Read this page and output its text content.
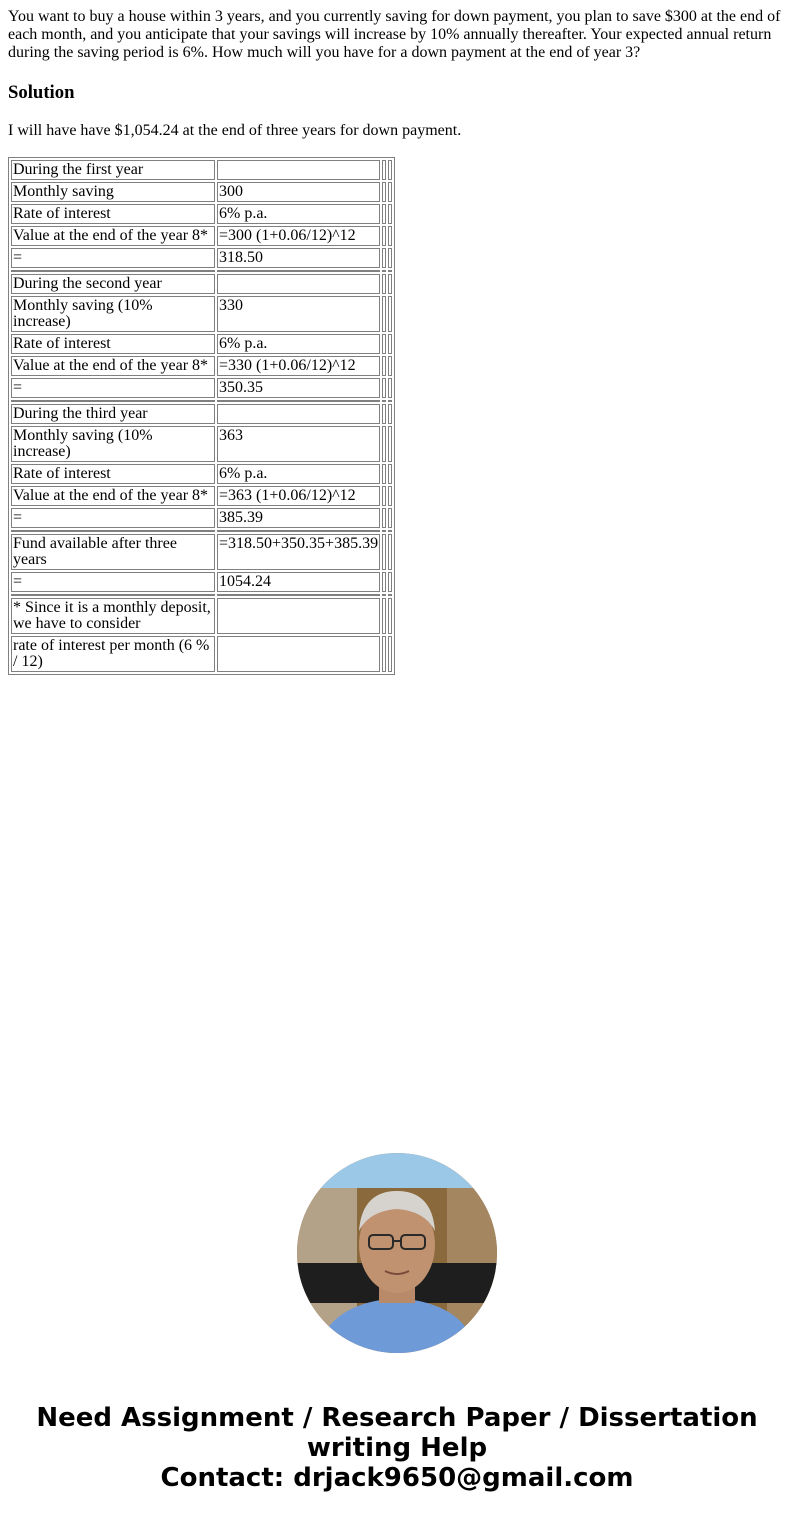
You want to buy a house within 3 years, and you currently saving for down payment, you plan to save $300 at the end of each month, and you anticipate that your savings will increase by 10% annually thereafter. Your expected annual return during the saving period is 6%. How much will you have for a down payment at the end of year 3?

Solution

I will have have $1,054.24 at the end of three years for down payment.

During the first year			
Monthly saving	300		
Rate of interest	6% p.a.		
Value at the end of the year 8*	=300 (1+0.06/12)^12		
=	318.50		

During the second year			
Monthly saving (10% increase)	330		
Rate of interest	6% p.a.		
Value at the end of the year 8*	=330 (1+0.06/12)^12		
=	350.35		

During the third year			
Monthly saving (10% increase)	363		
Rate of interest	6% p.a.		
Value at the end of the year 8*	=363 (1+0.06/12)^12		
=	385.39		

Fund available after three years	=318.50+350.35+385.39		
=	1054.24		

* Since it is a monthly deposit, we have to consider			
rate of interest per month (6 % / 12)			
Need Assignment / Research Paper / Dissertation writing Help
Contact: drjack9650@gmail.com
